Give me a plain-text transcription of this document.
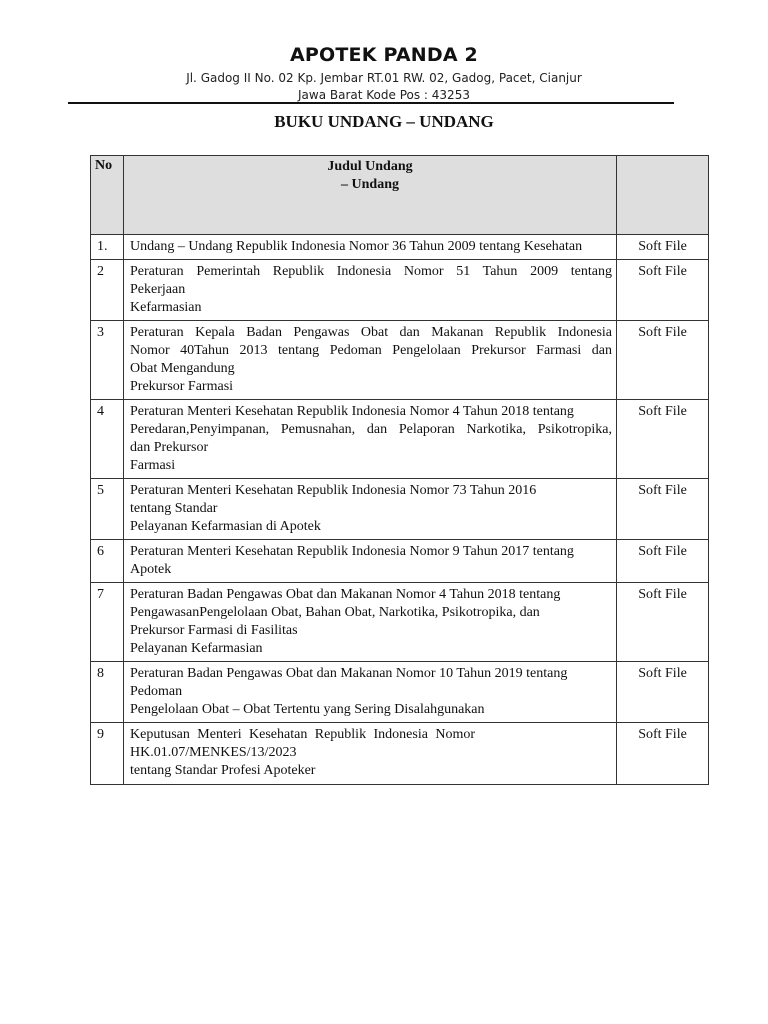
APOTEK PANDA 2
Jl. Gadog II No. 02 Kp. Jembar RT.01 RW. 02, Gadog, Pacet, Cianjur
Jawa Barat Kode Pos : 43253
BUKU UNDANG – UNDANG
No	Judul Undang
– Undang	

1.	Undang – Undang Republik Indonesia Nomor 36 Tahun 2009 tentang Kesehatan	Soft File
2	Peraturan Pemerintah Republik Indonesia Nomor 51 Tahun 2009 tentang
Pekerjaan
Kefarmasian	Soft File
3	Peraturan Kepala Badan Pengawas Obat dan Makanan Republik Indonesia
Nomor 40Tahun 2013 tentang Pedoman Pengelolaan Prekursor Farmasi dan
Obat Mengandung
Prekursor Farmasi	Soft File
4	Peraturan Menteri Kesehatan Republik Indonesia Nomor 4 Tahun 2018 tentang
Peredaran,Penyimpanan, Pemusnahan, dan Pelaporan Narkotika, Psikotropika,
dan Prekursor
Farmasi	Soft File
5	Peraturan Menteri Kesehatan Republik Indonesia Nomor 73 Tahun 2016
tentang Standar
Pelayanan Kefarmasian di Apotek	Soft File
6	Peraturan Menteri Kesehatan Republik Indonesia Nomor 9 Tahun 2017 tentang
Apotek	Soft File
7	Peraturan Badan Pengawas Obat dan Makanan Nomor 4 Tahun 2018 tentang
PengawasanPengelolaan Obat, Bahan Obat, Narkotika, Psikotropika, dan
Prekursor Farmasi di Fasilitas
Pelayanan Kefarmasian	Soft File
8	Peraturan Badan Pengawas Obat dan Makanan Nomor 10 Tahun 2019 tentang
Pedoman
Pengelolaan Obat – Obat Tertentu yang Sering Disalahgunakan	Soft File
9	Keputusan Menteri Kesehatan Republik Indonesia Nomor
HK.01.07/MENKES/13/2023
tentang Standar Profesi Apoteker	Soft File
